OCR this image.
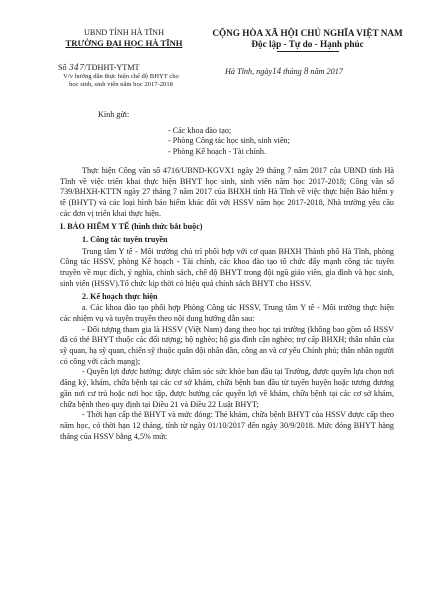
UBND TỈNH HÀ TĨNH
TRƯỜNG ĐẠI HỌC HÀ TĨNH
CỘNG HÒA XÃ HỘI CHỦ NGHĨA VIỆT NAM
Độc lập - Tự do - Hạnh phúc
Số 347/TĐHHT-YTMT
V/v hướng dẫn thực hiện chế độ BHYT cho
học sinh, sinh viên năm học 2017-2018
Hà Tĩnh, ngày14 tháng 8 năm 2017

Kính gửi:

- Các khoa đào tạo;

- Phòng Công tác học sinh, sinh viên;

- Phòng Kế hoạch - Tài chính.

Thực hiện Công văn số 4716/UBND-KGVX1 ngày 29 tháng 7 năm 2017 của UBND tỉnh Hà Tĩnh về việc triển khai thực hiện BHYT học sinh, sinh viên năm học 2017-2018; Công văn số 739/BHXH-KTTN ngày 27 tháng 7 năm 2017 của BHXH tỉnh Hà Tĩnh về việc thực hiện Bảo hiểm y tế (BHYT) và các loại hình bảo hiểm khác đối với HSSV năm học 2017-2018, Nhà trường yêu cầu các đơn vị triển khai thực hiện.

I. BẢO HIỂM Y TẾ (hình thức bắt buộc)

1. Công tác tuyên truyền

Trung tâm Y tế - Môi trường chủ trì phối hợp với cơ quan BHXH Thành phố Hà Tĩnh, phòng Công tác HSSV, phòng Kế hoạch - Tài chính, các khoa đào tạo tổ chức đẩy mạnh công tác tuyên truyền về mục đích, ý nghĩa, chính sách, chế độ BHYT trong đội ngũ giáo viên, gia đình và học sinh, sinh viên (HSSV).Tổ chức kịp thời có hiệu quả chính sách BHYT cho HSSV.

2. Kế hoạch thực hiện

a. Các khoa đào tạo phối hợp Phòng Công tác HSSV, Trung tâm Y tế - Môi trường thực hiện các nhiệm vụ và tuyên truyền theo nội dung hướng dẫn sau:

- Đối tượng tham gia là HSSV (Việt Nam) đang theo học tại trường (không bao gồm số HSSV đã có thẻ BHYT thuộc các đối tượng; hộ nghèo; hộ gia đình cận nghèo; trợ cấp BHXH; thân nhân của sỹ quan, hạ sỹ quan, chiến sỹ thuộc quân đội nhân dân, công an và cơ yếu Chính phủ; thân nhân người có công với cách mạng);

- Quyền lợi được hưởng: được chăm sóc sức khỏe ban đầu tại Trường, được quyền lựa chọn nơi đăng ký, khám, chữa bệnh tại các cơ sở khám, chữa bệnh ban đầu từ tuyến huyện hoặc tương đương gần nơi cư trú hoặc nơi học tập, được hưởng các quyền lợi về khám, chữa bệnh tại các cơ sở khám, chữa bệnh theo quy định tại Điều 21 và Điều 22 Luật BHYT;

- Thời hạn cấp thẻ BHYT và mức đóng: Thẻ khám, chữa bệnh BHYT của HSSV được cấp theo năm học, có thời hạn 12 tháng, tính từ ngày 01/10/2017 đến ngày 30/9/2018. Mức đóng BHYT hàng tháng của HSSV bằng 4,5% mức
